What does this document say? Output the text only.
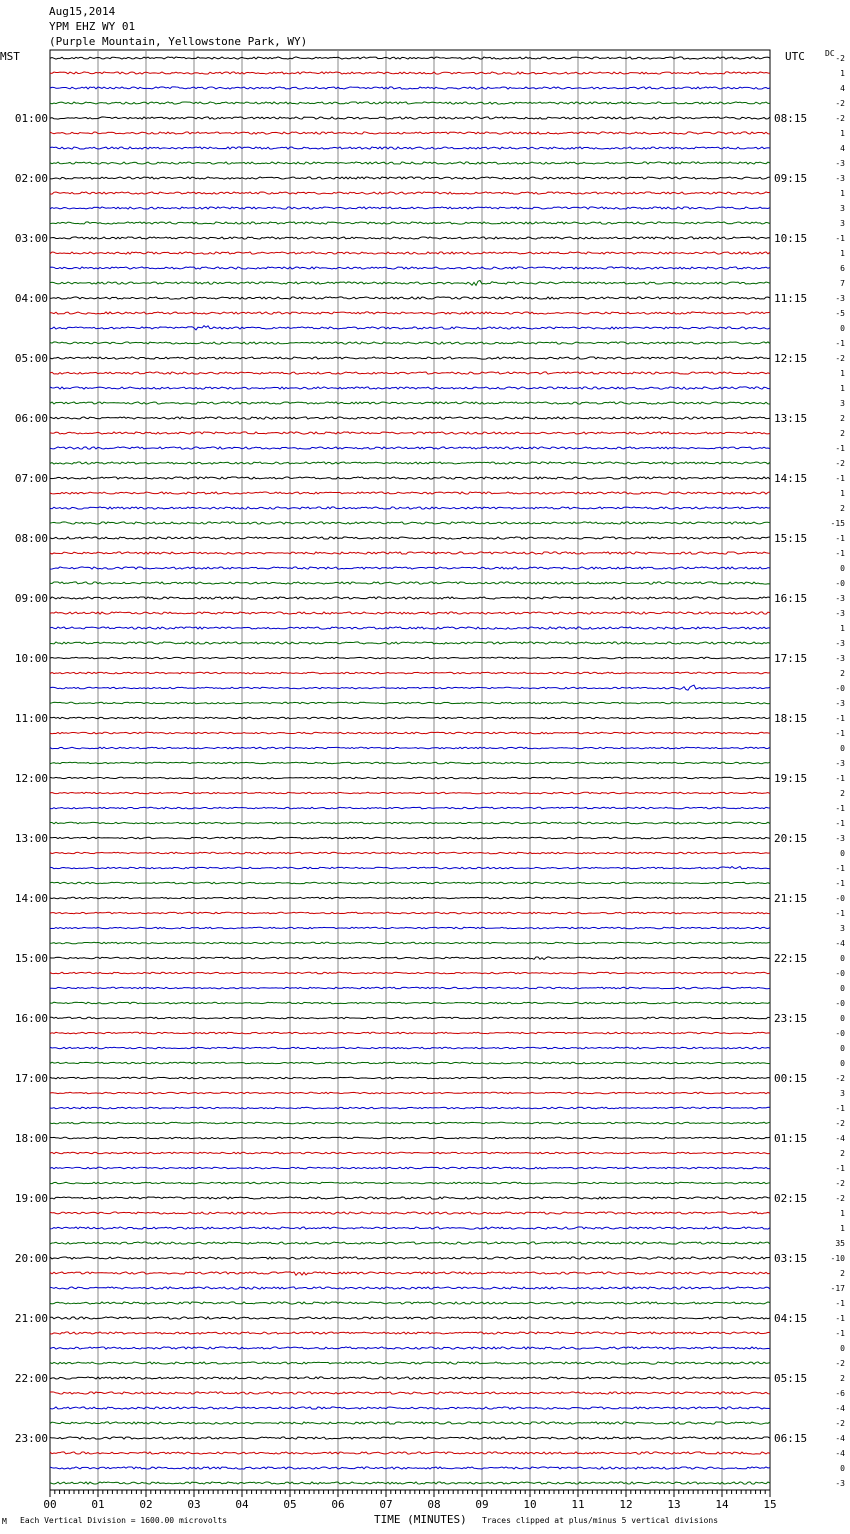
00	01	02	03	04	05	06	07	08	09	10	11	12	13	14	15
-2
1
4
-2
-2
1
4
-3
-3
1
3
3
-1
1
6
7
-3
-5
0
-1
-2
1
1
3
2
2
-1
-2
-1
1
2
-15
-1
-1
0
-0
-3
-3
1
-3
-3
2
-0
-3
-1
-1
0
-3
-1
2
-1
-1
-3
0
-1
-1
-0
-1
3
-4
0
-0
0
-0
0
-0
0
0
-2
3
-1
-2
-4
2
-1
-2
-2
1
1
35
-10
2
-17
-1
-1
-1
0
-2
2
-6
-4
-2
-4
-4
0
-3
01:00
02:00
03:00
04:00
05:00
06:00
07:00
08:00
09:00
10:00
11:00
12:00
13:00
14:00
15:00
16:00
17:00
18:00
19:00
20:00
21:00
22:00
23:00
08:15
09:15
10:15
11:15
12:15
13:15
14:15
15:15
16:15
17:15
18:15
19:15
20:15
21:15
22:15
23:15
00:15
01:15
02:15
03:15
04:15
05:15
06:15
Aug15,2014
YPM EHZ WY 01
(Purple Mountain, Yellowstone Park, WY)
MST	UTC	DC
M Each Vertical Division = 1600.00 microvolts	TIME (MINUTES) Traces clipped at plus/minus 5 vertical divisions
